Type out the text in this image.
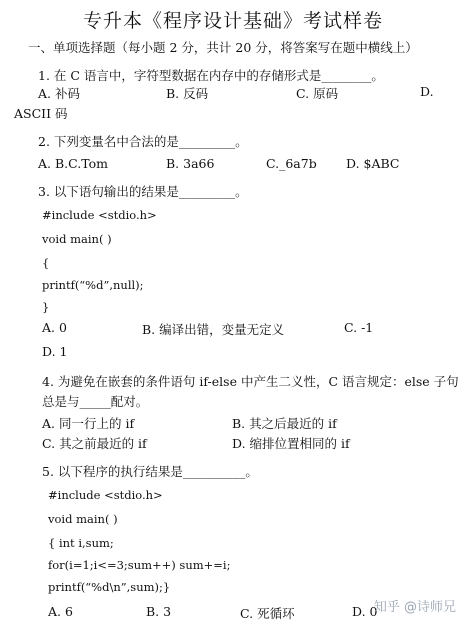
专升本《程序设计基础》考试样卷
一、单项选择题（每小题 2 分，共计 20 分，将答案写在题中横线上）
1. 在 C 语言中，字符型数据在内存中的存储形式是________。
A. 补码	B. 反码	C. 原码	D.
ASCII 码
2. 下列变量名中合法的是_________。
A. B.C.Tom	B. 3a66	C._6a7b D. $ABC
3. 以下语句输出的结果是_________。
#include <stdio.h>
void main( )
{
printf(“%d”,null);
}
A. 0	B. 编译出错，变量无定义	C. -1
D. 1
4. 为避免在嵌套的条件语句 if-else 中产生二义性，C 语言规定：else 子句
总是与_____配对。
A. 同一行上的 if	B. 其之后最近的 if
C. 其之前最近的 if	D. 缩排位置相同的 if
5. 以下程序的执行结果是__________。
#include <stdio.h>
void main( )
{ int i,sum;
for(i=1;i<=3;sum++) sum+=i;
printf(“%d\n”,sum);}
A. 6	B. 3	C. 死循环	D. 0
知乎 @诗师兄
